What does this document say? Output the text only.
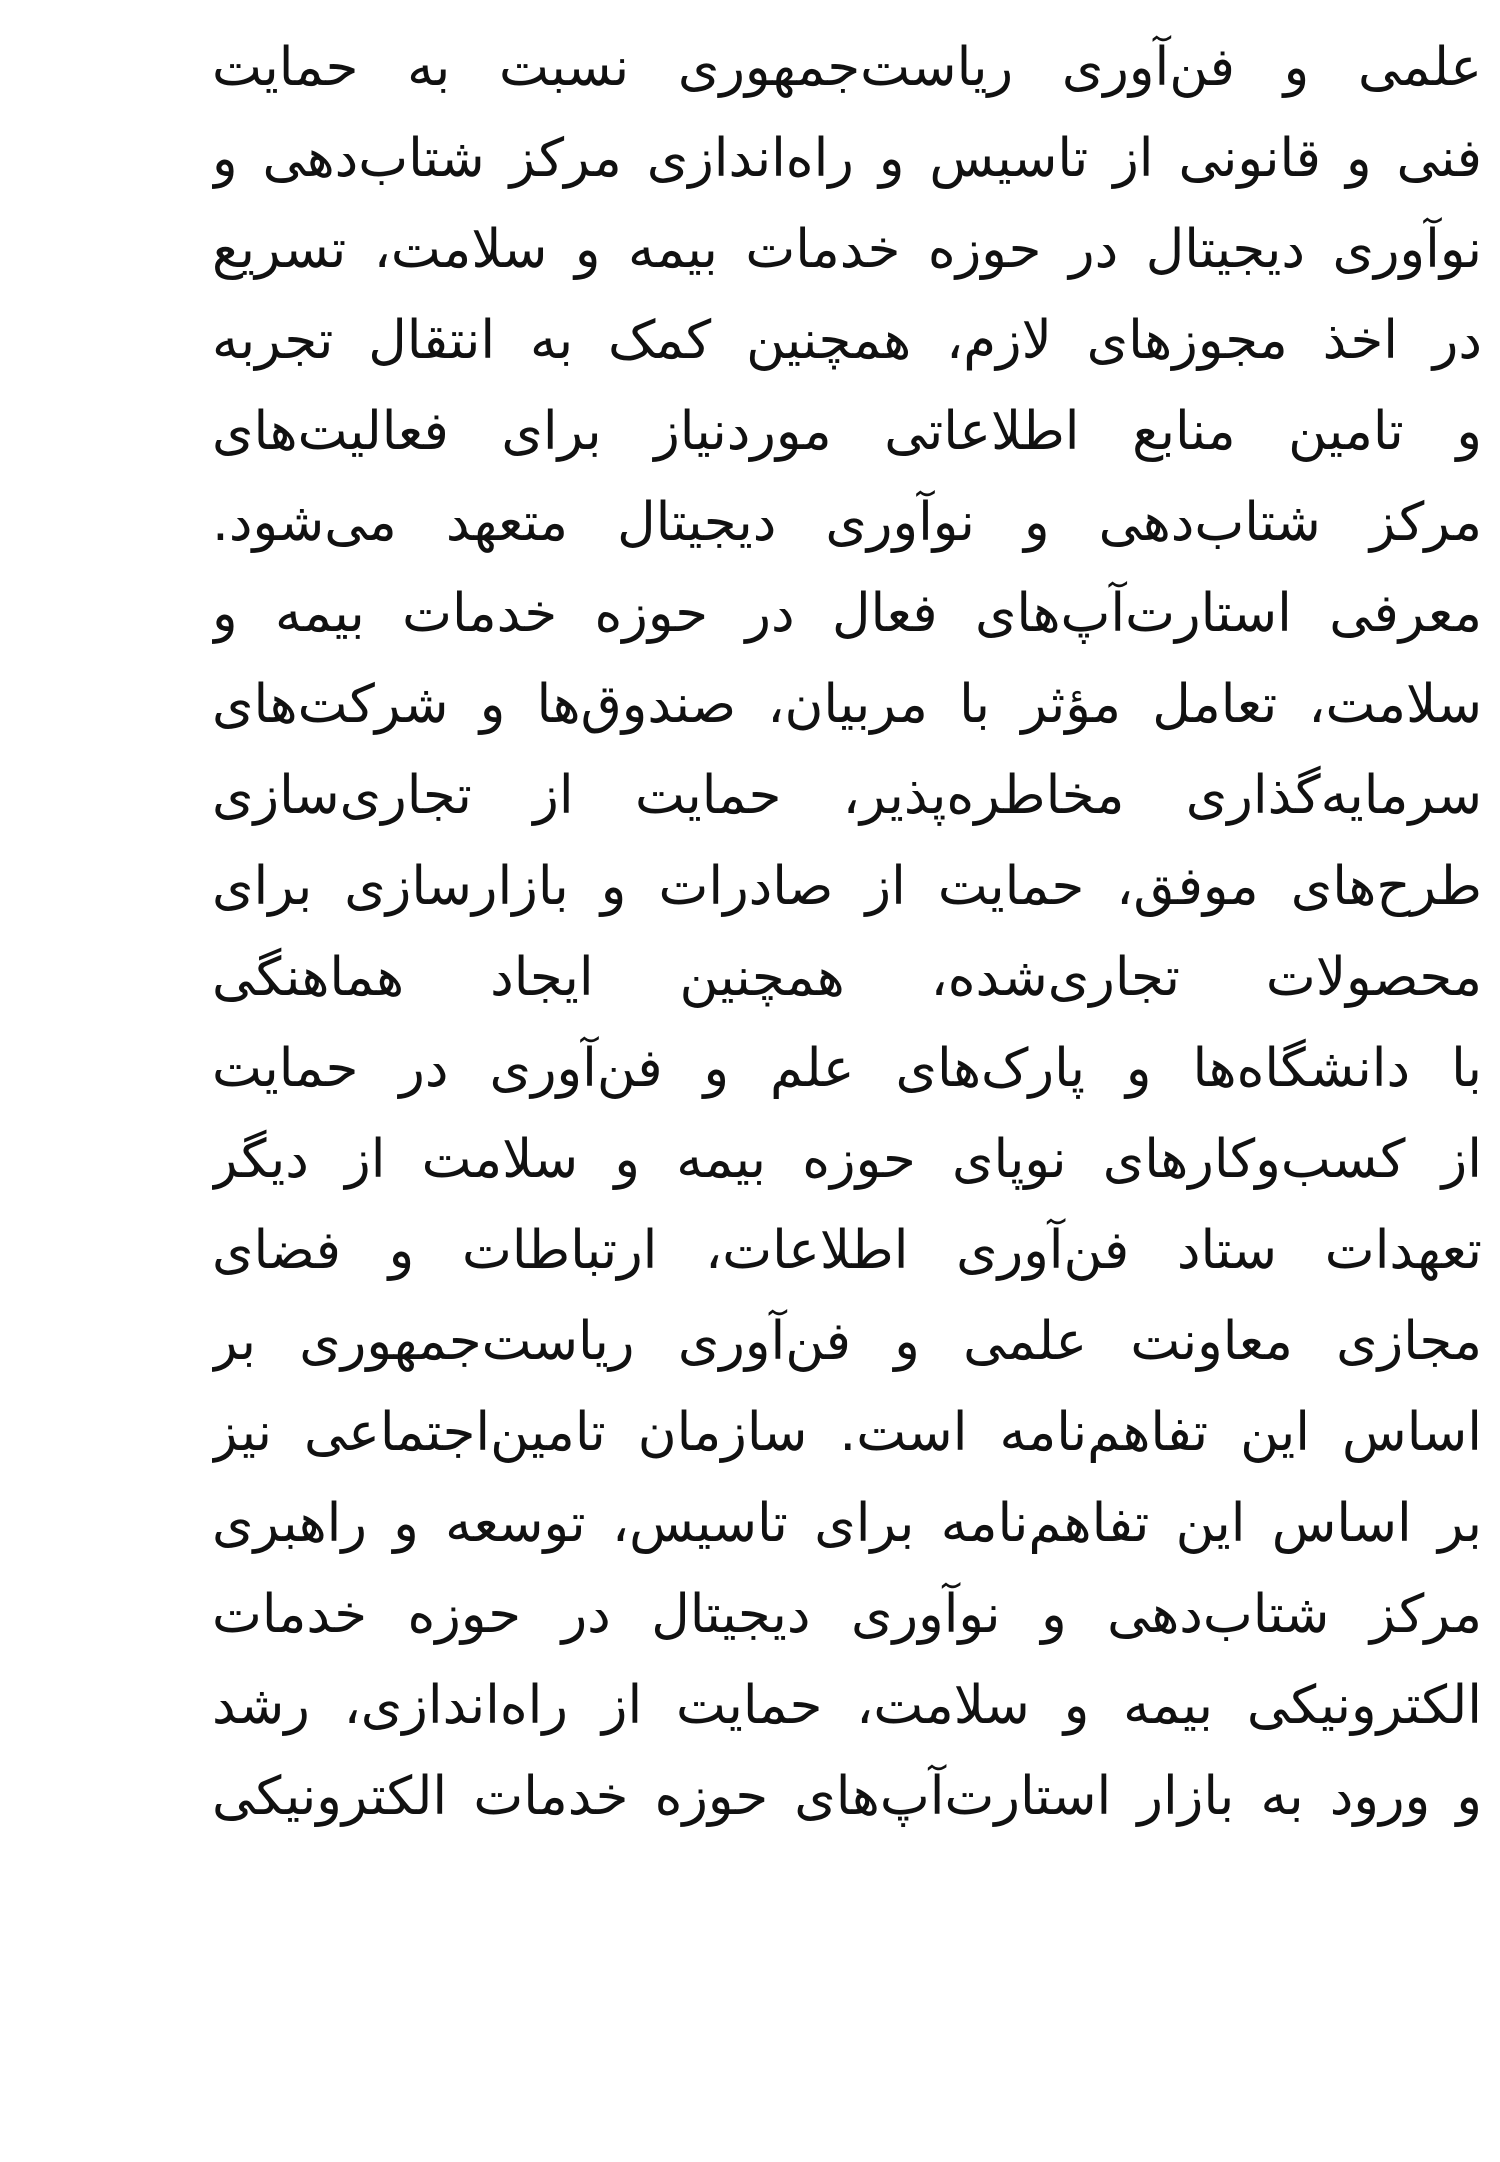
علمی و فن‌آوری ریاست‌جمهوری نسبت به حمایت
فنی و قانونی از تاسیس و راه‌اندازی مرکز شتاب‌دهی و
نوآوری دیجیتال در حوزه خدمات بیمه و سلامت، تسریع
در اخذ مجوزهای لازم، همچنین کمک به انتقال تجربه
و تامین منابع اطلاعاتی موردنیاز برای فعالیت‌های
مرکز شتاب‌دهی و نوآوری دیجیتال متعهد می‌شود.
معرفی استارت‌آپ‌های فعال در حوزه خدمات بیمه و
سلامت، تعامل مؤثر با مربیان، صندوق‌ها و شرکت‌های
سرمایه‌گذاری مخاطره‌پذیر، حمایت از تجاری‌سازی
طرح‌های موفق، حمایت از صادرات و بازارسازی برای
محصولات تجاری‌شده، همچنین ایجاد هماهنگی
با دانشگاه‌ها و پارک‌های علم و فن‌آوری در حمایت
از کسب‌وکارهای نوپای حوزه بیمه و سلامت از دیگر
تعهدات ستاد فن‌آوری اطلاعات، ارتباطات و فضای
مجازی معاونت علمی و فن‌آوری ریاست‌جمهوری بر
اساس این تفاهم‌نامه است. سازمان تامین‌اجتماعی نیز
بر اساس این تفاهم‌نامه برای تاسیس، توسعه و راهبری
مرکز شتاب‌دهی و نوآوری دیجیتال در حوزه خدمات
الکترونیکی بیمه و سلامت، حمایت از راه‌اندازی، رشد
و ورود به بازار استارت‌آپ‌های حوزه خدمات الکترونیکی
